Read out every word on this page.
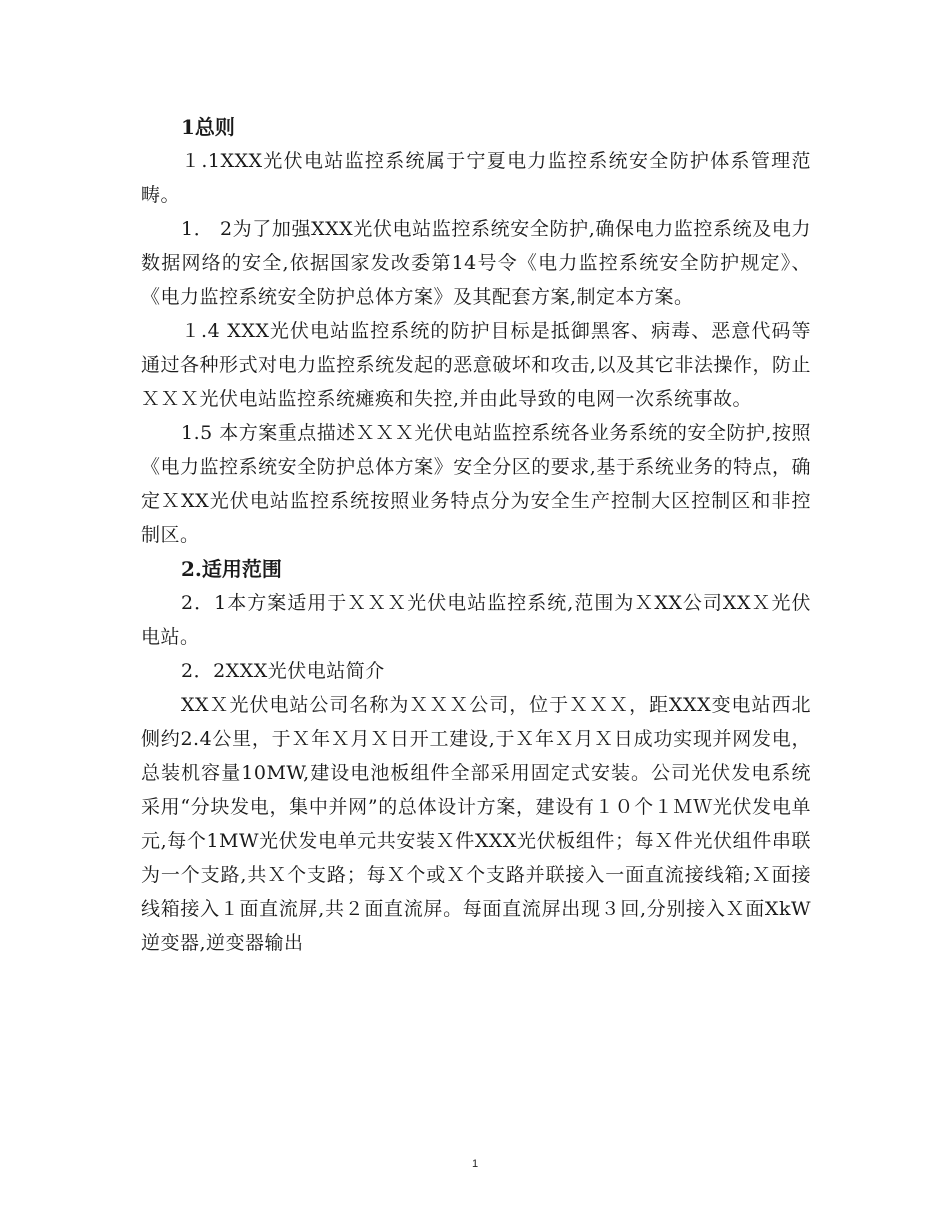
1总则

１.1XXX光伏电站监控系统属于宁夏电力监控系统安全防护体系管理范畴。

1． 2为了加强XXX光伏电站监控系统安全防护,确保电力监控系统及电力数据网络的安全,依据国家发改委第14号令《电力监控系统安全防护规定》、《电力监控系统安全防护总体方案》及其配套方案,制定本方案。

１.4 XXX光伏电站监控系统的防护目标是抵御黑客、病毒、恶意代码等通过各种形式对电力监控系统发起的恶意破坏和攻击,以及其它非法操作，防止ＸＸＸ光伏电站监控系统瘫痪和失控,并由此导致的电网一次系统事故。

1.5 本方案重点描述ＸＸＸ光伏电站监控系统各业务系统的安全防护,按照《电力监控系统安全防护总体方案》安全分区的要求,基于系统业务的特点，确定ＸXX光伏电站监控系统按照业务特点分为安全生产控制大区控制区和非控制区。

2.适用范围

2．1本方案适用于ＸＸＸ光伏电站监控系统,范围为ＸXX公司XXＸ光伏电站。

2．2XXX光伏电站简介

XXＸ光伏电站公司名称为ＸＸＸ公司，位于ＸＸＸ，距XXX变电站西北侧约2.4公里，于Ｘ年Ｘ月Ｘ日开工建设,于Ｘ年Ｘ月Ｘ日成功实现并网发电，总装机容量10MW,建设电池板组件全部采用固定式安装。公司光伏发电系统采用“分块发电，集中并网”的总体设计方案，建设有１０个１ＭＷ光伏发电单元,每个1MW光伏发电单元共安装Ｘ件XXX光伏板组件；每Ｘ件光伏组件串联为一个支路,共Ｘ个支路；每Ｘ个或Ｘ个支路并联接入一面直流接线箱;Ｘ面接线箱接入１面直流屏,共２面直流屏。每面直流屏出现３回,分别接入Ｘ面XkW逆变器,逆变器输出

1
